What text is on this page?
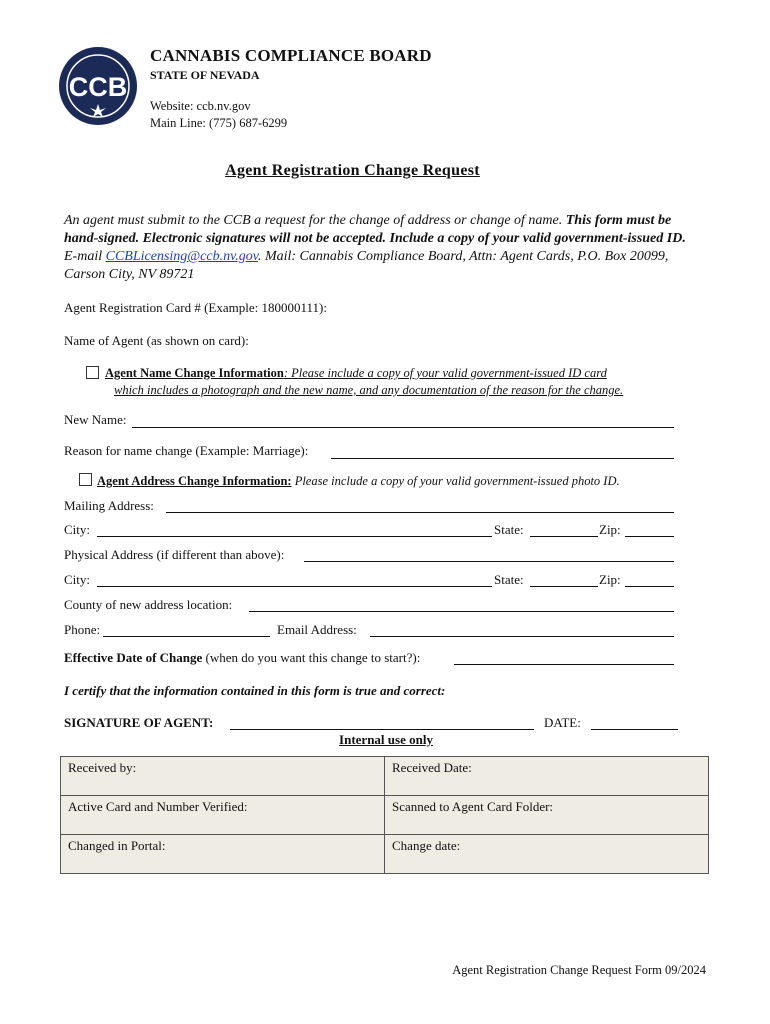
CCB
CANNABIS COMPLIANCE BOARD
STATE OF NEVADA
Website: ccb.nv.gov
Main Line: (775) 687-6299
Agent Registration Change Request
An agent must submit to the CCB a request for the change of address or change of name. This form must be hand-signed. Electronic signatures will not be accepted. Include a copy of your valid government-issued ID. E-mail CCBLicensing@ccb.nv.gov. Mail: Cannabis Compliance Board, Attn: Agent Cards, P.O. Box 20099, Carson City, NV 89721
Agent Registration Card # (Example: 180000111):
Name of Agent (as shown on card):
Agent Name Change Information: Please include a copy of your valid government-issued ID card
which includes a photograph and the new name, and any documentation of the reason for the change.
New Name:
Reason for name change (Example: Marriage):
Agent Address Change Information: Please include a copy of your valid government-issued photo ID.
Mailing Address:
City:	State:	Zip:
Physical Address (if different than above):
City:	State:	Zip:
County of new address location:
Phone:	Email Address:
Effective Date of Change (when do you want this change to start?):
I certify that the information contained in this form is true and correct:
SIGNATURE OF AGENT:	DATE:
Internal use only
Received by:	Received Date:
Active Card and Number Verified:	Scanned to Agent Card Folder:
Changed in Portal:	Change date:
Agent Registration Change Request Form 09/2024
